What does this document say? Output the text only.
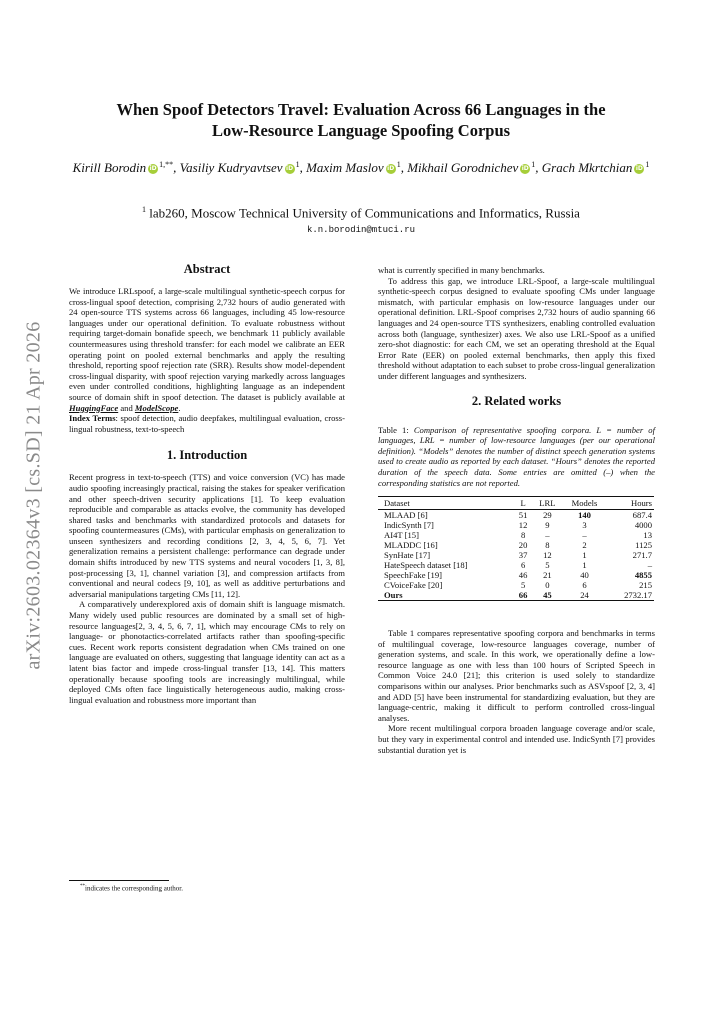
arXiv:2603.02364v3 [cs.SD] 21 Apr 2026
When Spoof Detectors Travel: Evaluation Across 66 Languages in the
Low-Resource Language Spoofing Corpus
Kirill Borodin iD $^{1,**}$, Vasiliy Kudryavtsev iD $^1$, Maxim Maslov iD $^1$, Mikhail Gorodnichev iD $^1$, Grach Mkrtchian iD $^1$
$^1$ lab260, Moscow Technical University of Communications and Informatics, Russia
k.n.borodin@mtuci.ru

Abstract

We introduce LRLspoof, a large-scale multilingual synthetic-speech corpus for cross-lingual spoof detection, comprising 2,732 hours of audio generated with 24 open-source TTS systems across 66 languages, including 45 low-resource languages under our operational definition. To evaluate robustness without requiring target-domain bonafide speech, we benchmark 11 publicly available countermeasures using threshold transfer: for each model we calibrate an EER operating point on pooled external benchmarks and apply the resulting threshold, reporting spoof rejection rate (SRR). Results show model-dependent cross-lingual disparity, with spoof rejection varying markedly across languages even under controlled conditions, highlighting language as an independent source of domain shift in spoof detection. The dataset is publicly available at HuggingFace and ModelScope.

Index Terms: spoof detection, audio deepfakes, multilingual evaluation, cross-lingual robustness, text-to-speech

1. Introduction

Recent progress in text-to-speech (TTS) and voice conversion (VC) has made audio spoofing increasingly practical, raising the stakes for speaker verification and other speech-driven security applications [1]. To keep evaluation reproducible and comparable as attacks evolve, the community has developed shared tasks and benchmarks with standardized protocols and datasets for spoofing countermeasures (CMs), with particular emphasis on generalization to unseen synthesizers and recording conditions [2, 3, 4, 5, 6, 7]. Yet generalization remains a persistent challenge: performance can degrade under domain shifts introduced by new TTS systems and neural vocoders [1, 3, 8], post-processing [3, 1], channel variation [3], and compression artifacts from conventional and neural codecs [9, 10], as well as additive perturbations and adversarial manipulations targeting CMs [11, 12].

A comparatively underexplored axis of domain shift is language mismatch. Many widely used public resources are dominated by a small set of high-resource languages[2, 3, 4, 5, 6, 7, 1], which may encourage CMs to rely on language- or phonotactics-correlated artifacts rather than spoofing-specific cues. Recent work reports consistent degradation when CMs trained on one language are evaluated on others, suggesting that language identity can act as a latent bias factor and impede cross-lingual transfer [13, 14]. This matters operationally because spoofing tools are increasingly multilingual, while deployed CMs often face linguistically heterogeneous audio, making cross-lingual evaluation and robustness more important than

what is currently specified in many benchmarks.

To address this gap, we introduce LRL-Spoof, a large-scale multilingual synthetic-speech corpus designed to evaluate spoofing CMs under language mismatch, with particular emphasis on low-resource languages under our operational definition. LRL-Spoof comprises 2,732 hours of audio spanning 66 languages and 24 open-source TTS synthesizers, enabling controlled evaluation across both (language, synthesizer) axes. We also use LRL-Spoof as a unified zero-shot diagnostic: for each CM, we set an operating threshold at the Equal Error Rate (EER) on pooled external benchmarks, then apply this fixed threshold without adaptation to each subset to probe cross-lingual generalization under different languages and synthesizers.

2. Related works

Table 1: Comparison of representative spoofing corpora. L = number of languages, LRL = number of low-resource languages (per our operational definition). “Models” denotes the number of distinct speech generation systems used to create audio as reported by each dataset. “Hours” denotes the reported duration of the speech data. Some entries are omitted (–) when the corresponding statistics are not reported.

Dataset	L	LRL	Models	Hours
MLAAD [6]	51	29	140	687.4
IndicSynth [7]	12	9	3	4000
AI4T [15]	8	–	–	13
MLADDC [16]	20	8	2	1125
SynHate [17]	37	12	1	271.7
HateSpeech dataset [18]	6	5	1	–
SpeechFake [19]	46	21	40	4855
CVoiceFake [20]	5	0	6	215
Ours	66	45	24	2732.17

Table 1 compares representative spoofing corpora and benchmarks in terms of multilingual coverage, low-resource languages coverage, number of generation systems, and scale. In this work, we operationally define a low-resource language as one with less than 100 hours of Scripted Speech in Common Voice 24.0 [21]; this criterion is used solely to standardize comparisons within our analyses. Prior benchmarks such as ASVspoof [2, 3, 4] and ADD [5] have been instrumental for standardizing evaluation, but they are language-centric, making it difficult to perform controlled cross-lingual analyses.

More recent multilingual corpora broaden language coverage and/or scale, but they vary in experimental control and intended use. IndicSynth [7] provides substantial duration yet is

**indicates the corresponding author.
